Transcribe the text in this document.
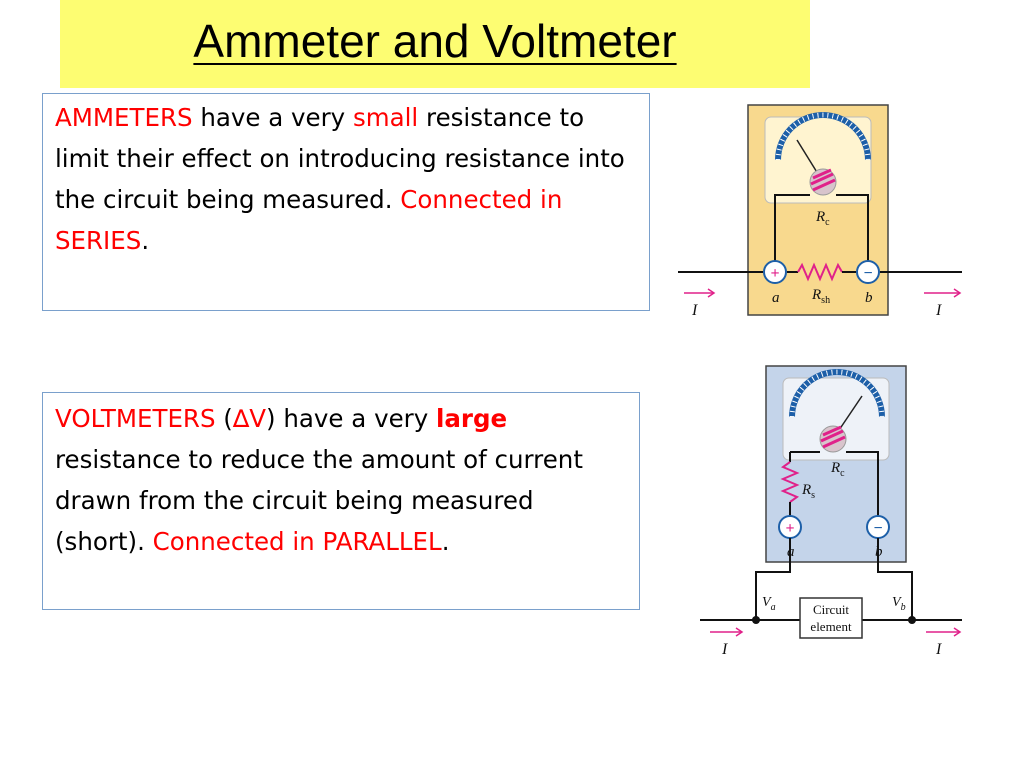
Ammeter and Voltmeter
AMMETERS have a very small resistance to limit their effect on introducing resistance into the circuit being measured. Connected in SERIES.
VOLTMETERS (∆V) have a very large resistance to reduce the amount of current drawn from the circuit being measured (short). Connected in PARALLEL.
+	−
$R_c$
$R_{sh}$
a	b
I	I
+	−
$R_c$
$R_s$
a	b
Circuit
element
$V_a$	$V_b$
I	I
